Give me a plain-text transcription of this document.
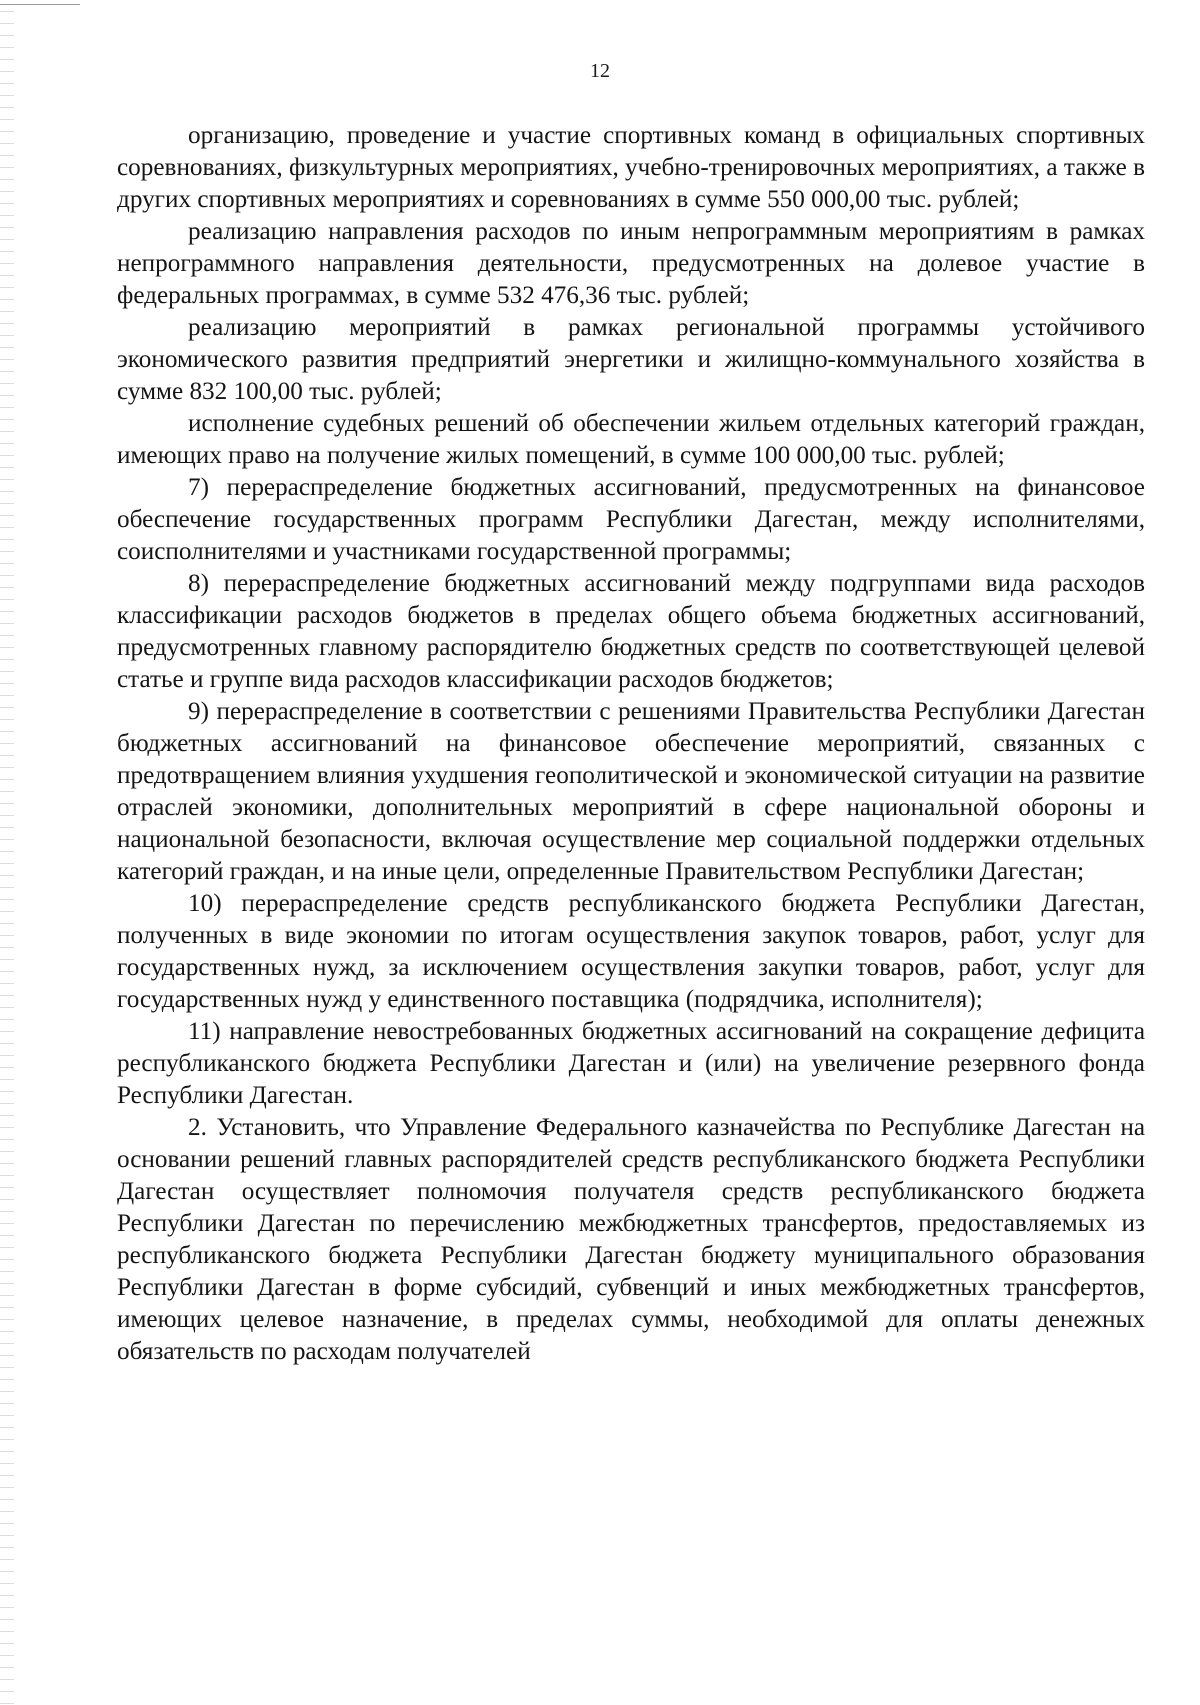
12

организацию, проведение и участие спортивных команд в официальных спортивных соревнованиях, физкультурных мероприятиях, учебно-тренировочных мероприятиях, а также в других спортивных мероприятиях и соревнованиях в сумме 550 000,00 тыс. рублей;

реализацию направления расходов по иным непрограммным мероприятиям в рамках непрограммного направления деятельности, предусмотренных на долевое участие в федеральных программах, в сумме 532 476,36 тыс. рублей;

реализацию мероприятий в рамках региональной программы устойчивого экономического развития предприятий энергетики и жилищно-коммунального хозяйства в сумме 832 100,00 тыс. рублей;

исполнение судебных решений об обеспечении жильем отдельных категорий граждан, имеющих право на получение жилых помещений, в сумме 100 000,00 тыс. рублей;

7) перераспределение бюджетных ассигнований, предусмотренных на финансовое обеспечение государственных программ Республики Дагестан, между исполнителями, соисполнителями и участниками государственной программы;

8) перераспределение бюджетных ассигнований между подгруппами вида расходов классификации расходов бюджетов в пределах общего объема бюджетных ассигнований, предусмотренных главному распорядителю бюджетных средств по соответствующей целевой статье и группе вида расходов классификации расходов бюджетов;

9) перераспределение в соответствии с решениями Правительства Республики Дагестан бюджетных ассигнований на финансовое обеспечение мероприятий, связанных с предотвращением влияния ухудшения геополитической и экономической ситуации на развитие отраслей экономики, дополнительных мероприятий в сфере национальной обороны и национальной безопасности, включая осуществление мер социальной поддержки отдельных категорий граждан, и на иные цели, определенные Правительством Республики Дагестан;

10) перераспределение средств республиканского бюджета Республики Дагестан, полученных в виде экономии по итогам осуществления закупок товаров, работ, услуг для государственных нужд, за исключением осуществления закупки товаров, работ, услуг для государственных нужд у единственного поставщика (подрядчика, исполнителя);

11) направление невостребованных бюджетных ассигнований на сокращение дефицита республиканского бюджета Республики Дагестан и (или) на увеличение резервного фонда Республики Дагестан.

2. Установить, что Управление Федерального казначейства по Республике Дагестан на основании решений главных распорядителей средств республиканского бюджета Республики Дагестан осуществляет полномочия получателя средств республиканского бюджета Республики Дагестан по перечислению межбюджетных трансфертов, предоставляемых из республиканского бюджета Республики Дагестан бюджету муниципального образования Республики Дагестан в форме субсидий, субвенций и иных межбюджетных трансфертов, имеющих целевое назначение, в пределах суммы, необходимой для оплаты денежных обязательств по расходам получателей
